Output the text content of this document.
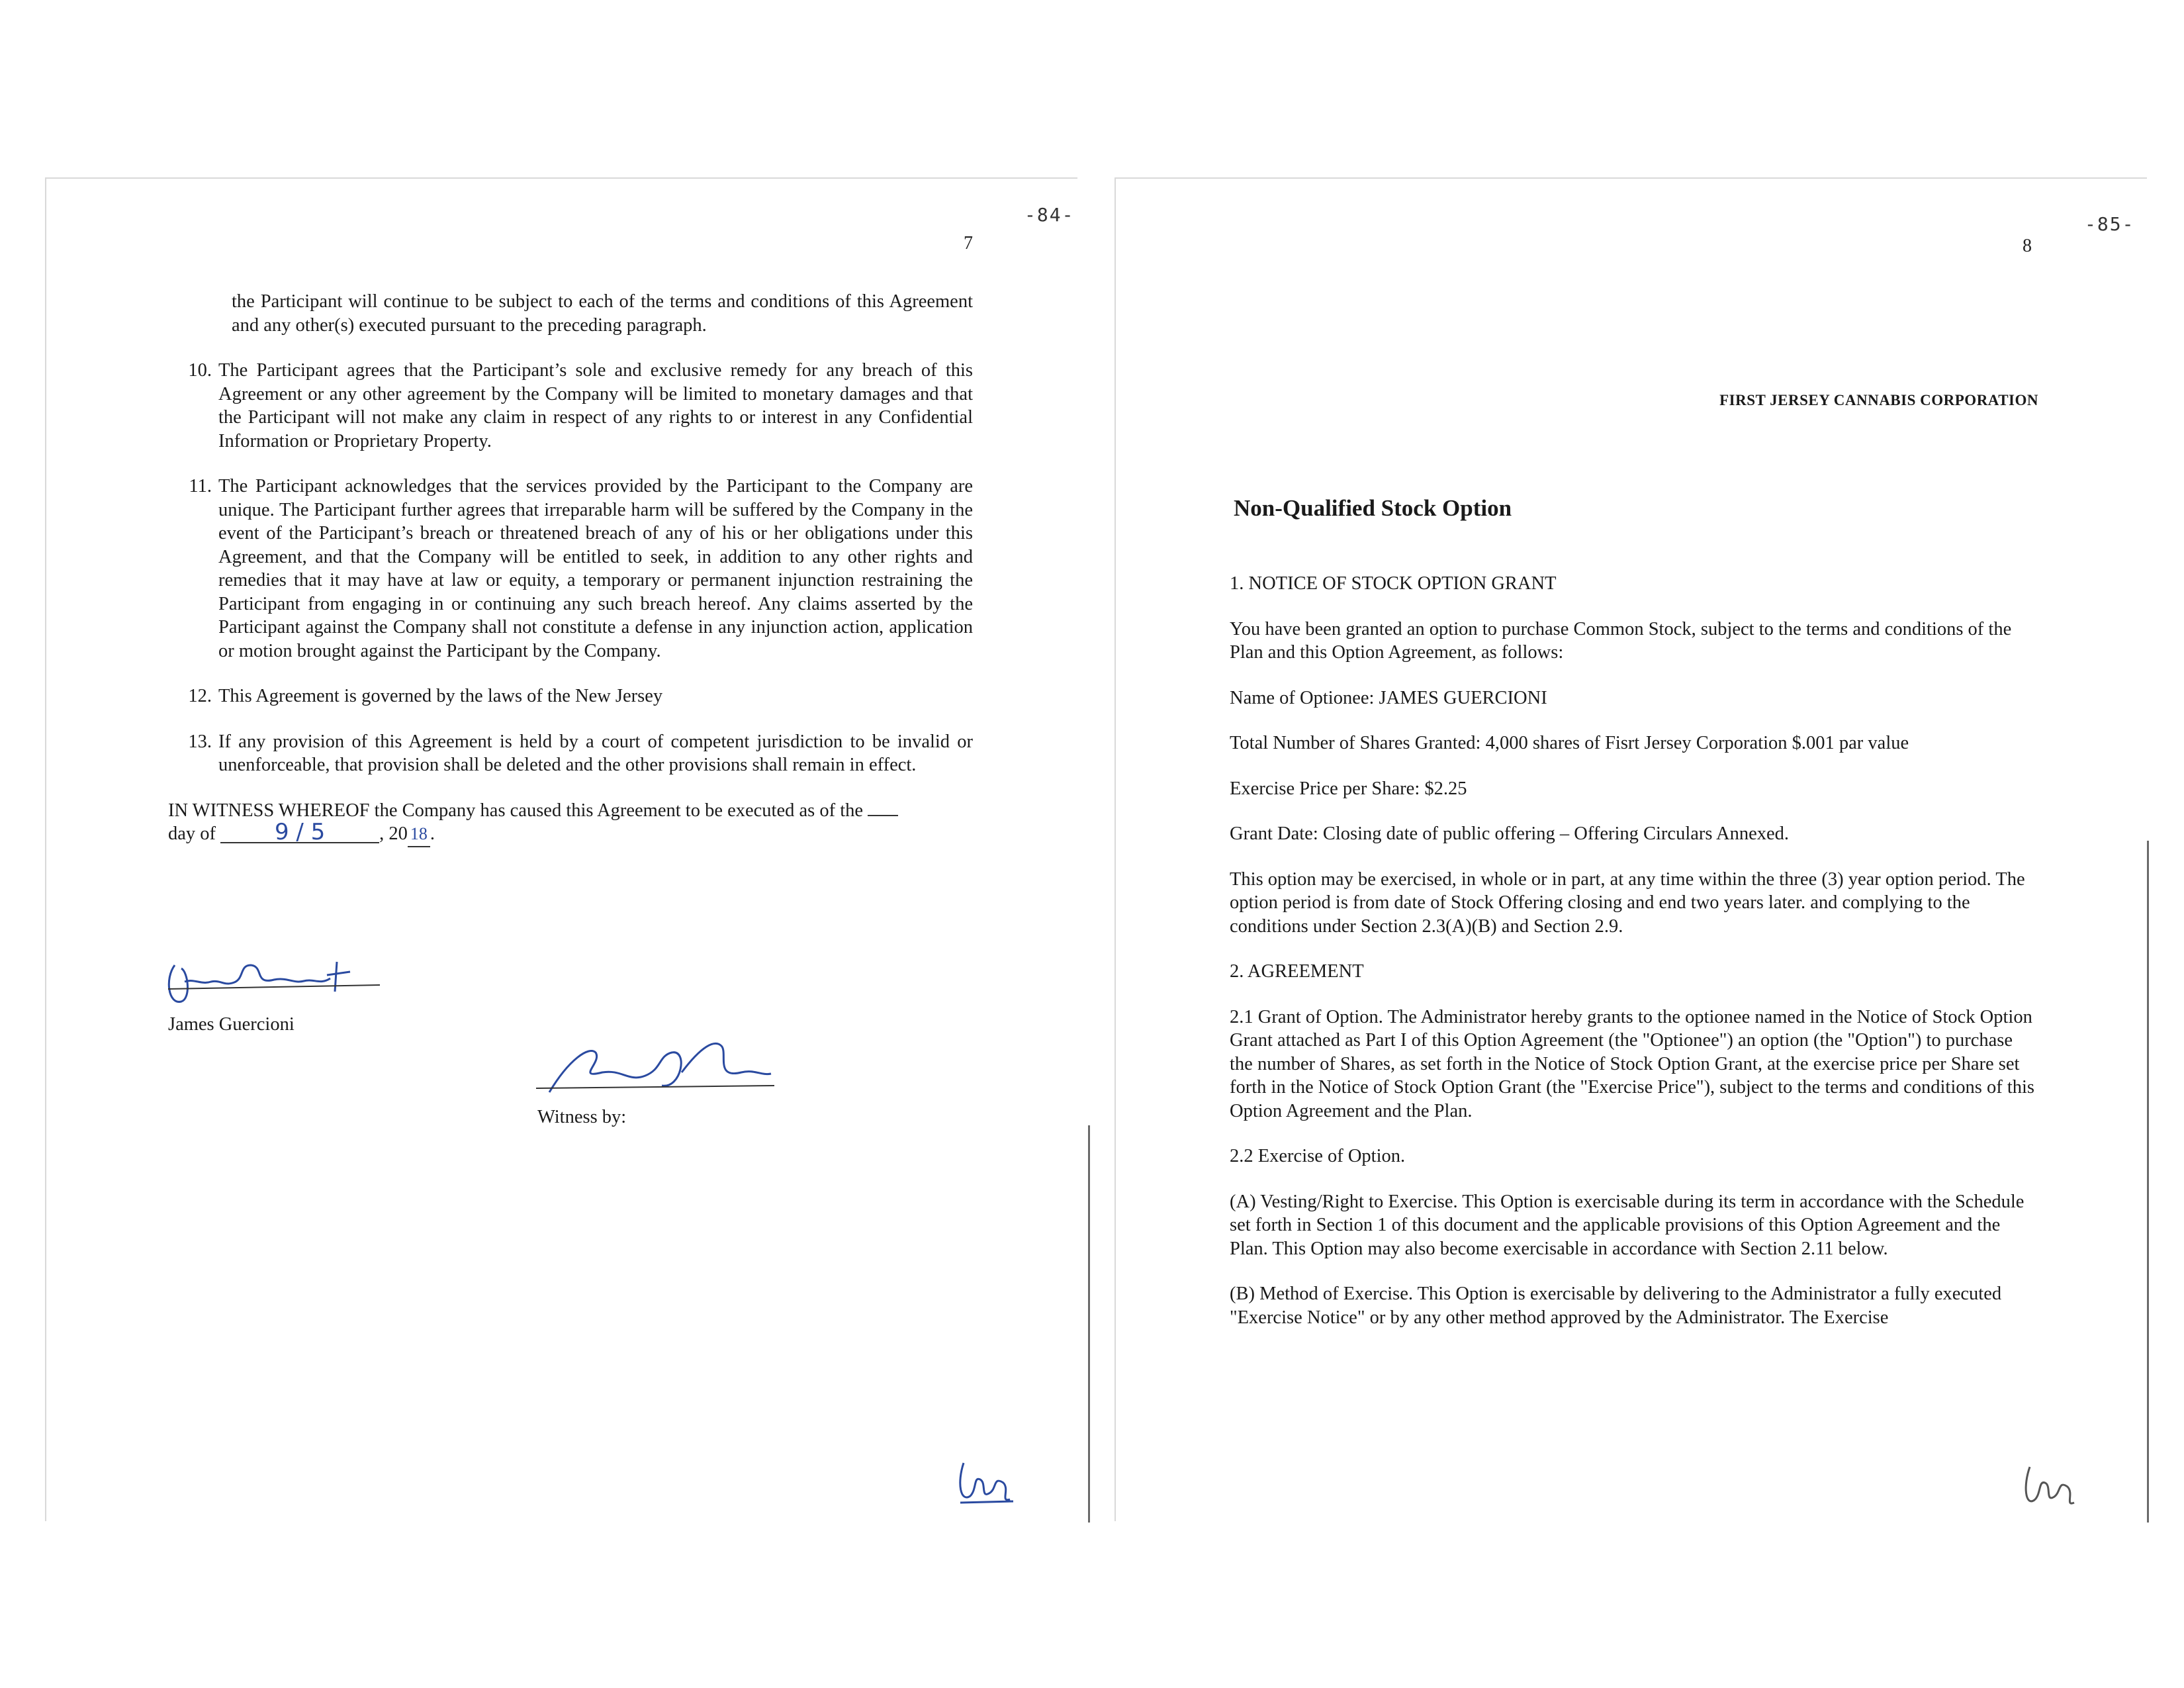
-84-
7

the Participant will continue to be subject to each of the terms and conditions of this Agreement and any other(s) executed pursuant to the preceding paragraph.

10. The Participant agrees that the Participant’s sole and exclusive remedy for any breach of this Agreement or any other agreement by the Company will be limited to monetary damages and that the Participant will not make any claim in respect of any rights to or interest in any Confidential Information or Proprietary Property.
11. The Participant acknowledges that the services provided by the Participant to the Company are unique. The Participant further agrees that irreparable harm will be suffered by the Company in the event of the Participant’s breach or threatened breach of any of his or her obligations under this Agreement, and that the Company will be entitled to seek, in addition to any other rights and remedies that it may have at law or equity, a temporary or permanent injunction restraining the Participant from engaging in or continuing any such breach hereof. Any claims asserted by the Participant against the Company shall not constitute a defense in any injunction action, application or motion brought against the Participant by the Company.
12. This Agreement is governed by the laws of the New Jersey
13. If any provision of this Agreement is held by a court of competent jurisdiction to be invalid or unenforceable, that provision shall be deleted and the other provisions shall remain in effect.

IN WITNESS WHEREOF the Company has caused this Agreement to be executed as of the
day of	9 / 5	, 20 18 .

James Guercioni
Witness by:
-85-
8
FIRST JERSEY CANNABIS CORPORATION
Non-Qualified Stock Option

1. NOTICE OF STOCK OPTION GRANT

You have been granted an option to purchase Common Stock, subject to the terms and conditions of the Plan and this Option Agreement, as follows:

Name of Optionee: JAMES GUERCIONI

Total Number of Shares Granted: 4,000 shares of Fisrt Jersey Corporation $.001 par value

Exercise Price per Share: $2.25

Grant Date: Closing date of public offering – Offering Circulars Annexed.

This option may be exercised, in whole or in part, at any time within the three (3) year option period. The option period is from date of Stock Offering closing and end two years later. and complying to the conditions under Section 2.3(A)(B) and Section 2.9.

2. AGREEMENT

2.1 Grant of Option. The Administrator hereby grants to the optionee named in the Notice of Stock Option Grant attached as Part I of this Option Agreement (the "Optionee") an option (the "Option") to purchase the number of Shares, as set forth in the Notice of Stock Option Grant, at the exercise price per Share set forth in the Notice of Stock Option Grant (the "Exercise Price"), subject to the terms and conditions of this Option Agreement and the Plan.

2.2 Exercise of Option.

(A) Vesting/Right to Exercise. This Option is exercisable during its term in accordance with the Schedule set forth in Section 1 of this document and the applicable provisions of this Option Agreement and the Plan. This Option may also become exercisable in accordance with Section 2.11 below.

(B) Method of Exercise. This Option is exercisable by delivering to the Administrator a fully executed "Exercise Notice" or by any other method approved by the Administrator. The Exercise
